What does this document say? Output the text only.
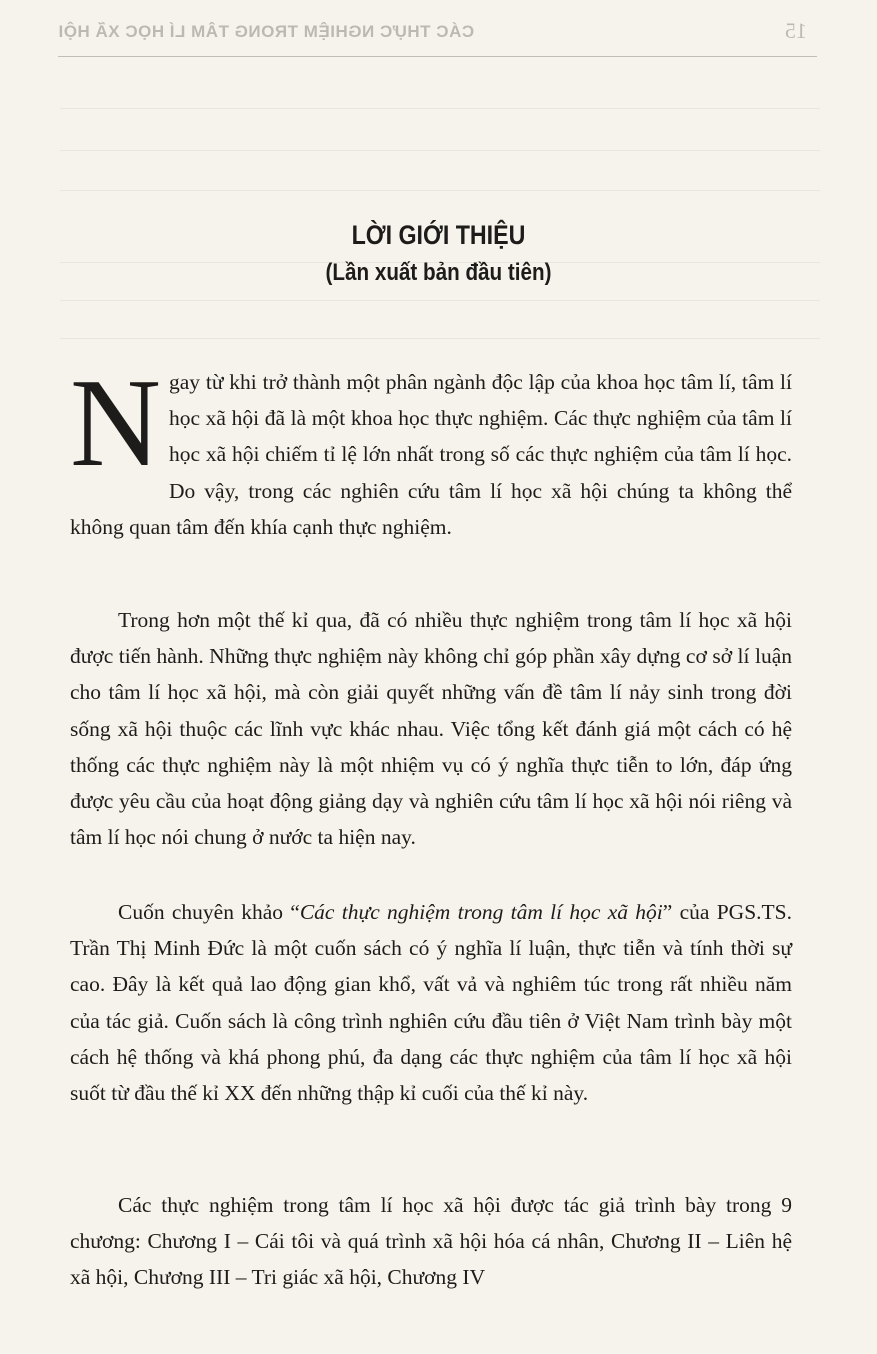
CÁC THỰC NGHIỆM TRONG TÂM LÍ HỌC XÃ HỘI	15
LỜI GIỚI THIỆU
(Lần xuất bản đầu tiên)
N gay từ khi trở thành một phân ngành độc lập của khoa học tâm lí, tâm lí học xã hội đã là một khoa học thực nghiệm. Các thực nghiệm của tâm lí học xã hội chiếm tỉ lệ lớn nhất trong số các thực nghiệm của tâm lí học. Do vậy, trong các nghiên cứu tâm lí học xã hội chúng ta không thể không quan tâm đến khía cạnh thực nghiệm.

Trong hơn một thế kỉ qua, đã có nhiều thực nghiệm trong tâm lí học xã hội được tiến hành. Những thực nghiệm này không chỉ góp phần xây dựng cơ sở lí luận cho tâm lí học xã hội, mà còn giải quyết những vấn đề tâm lí nảy sinh trong đời sống xã hội thuộc các lĩnh vực khác nhau. Việc tổng kết đánh giá một cách có hệ thống các thực nghiệm này là một nhiệm vụ có ý nghĩa thực tiễn to lớn, đáp ứng được yêu cầu của hoạt động giảng dạy và nghiên cứu tâm lí học xã hội nói riêng và tâm lí học nói chung ở nước ta hiện nay.

Cuốn chuyên khảo “Các thực nghiệm trong tâm lí học xã hội” của PGS.TS. Trần Thị Minh Đức là một cuốn sách có ý nghĩa lí luận, thực tiễn và tính thời sự cao. Đây là kết quả lao động gian khổ, vất vả và nghiêm túc trong rất nhiều năm của tác giả. Cuốn sách là công trình nghiên cứu đầu tiên ở Việt Nam trình bày một cách hệ thống và khá phong phú, đa dạng các thực nghiệm của tâm lí học xã hội suốt từ đầu thế kỉ XX đến những thập kỉ cuối của thế kỉ này.

Các thực nghiệm trong tâm lí học xã hội được tác giả trình bày trong 9 chương: Chương I – Cái tôi và quá trình xã hội hóa cá nhân, Chương II – Liên hệ xã hội, Chương III – Tri giác xã hội, Chương IV
